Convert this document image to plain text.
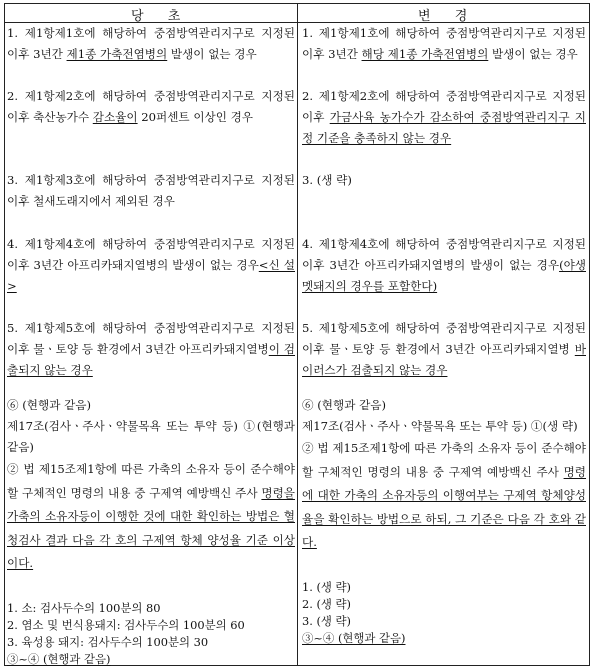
당 초	변 경

1. 제1항제1호에 해당하여 중점방역관리지구로 지정된 이후 3년간 제1종 가축전염병의 발생이 없는 경우

2. 제1항제2호에 해당하여 중점방역관리지구로 지정된 이후 축산농가수 감소율이 20퍼센트 이상인 경우

3. 제1항제3호에 해당하여 중점방역관리지구로 지정된 이후 철새도래지에서 제외된 경우

4. 제1항제4호에 해당하여 중점방역관리지구로 지정된 이후 3년간 아프리카돼지열병의 발생이 없는 경우<신 설>

5. 제1항제5호에 해당하여 중점방역관리지구로 지정된 이후 물ㆍ토양 등 환경에서 3년간 아프리카돼지열병이 검출되지 않는 경우

⑥ (현행과 같음)

제17조(검사ㆍ주사ㆍ약물목욕 또는 투약 등) ①(현행과 같음)

② 법 제15조제1항에 따른 가축의 소유자 등이 준수해야 할 구체적인 명령의 내용 중 구제역 예방백신 주사 명령을 가축의 소유자등이 이행한 것에 대한 확인하는 방법은 혈청검사 결과 다음 각 호의 구제역 항체 양성율 기준 이상이다.

1. 소: 검사두수의 100분의 80

2. 염소 및 번식용돼지: 검사두수의 100분의 60

3. 육성용 돼지: 검사두수의 100분의 30

③~④ (현행과 같음)

1. 제1항제1호에 해당하여 중점방역관리지구로 지정된 이후 3년간 해당 제1종 가축전염병의 발생이 없는 경우

2. 제1항제2호에 해당하여 중점방역관리지구로 지정된 이후 가금사육 농가수가 감소하여 중점방역관리지구 지정 기준을 충족하지 않는 경우

3. (생 략)

4. 제1항제4호에 해당하여 중점방역관리지구로 지정된 이후 3년간 아프리카돼지열병의 발생이 없는 경우(야생멧돼지의 경우를 포함한다)

5. 제1항제5호에 해당하여 중점방역관리지구로 지정된 이후 물ㆍ토양 등 환경에서 3년간 아프리카돼지열병 바이러스가 검출되지 않는 경우

⑥ (현행과 같음)

제17조(검사ㆍ주사ㆍ약물목욕 또는 투약 등) ①(생 략)

② 법 제15조제1항에 따른 가축의 소유자 등이 준수해야 할 구체적인 명령의 내용 중 구제역 예방백신 주사 명령에 대한 가축의 소유자등의 이행여부는 구제역 항체양성율을 확인하는 방법으로 하되, 그 기준은 다음 각 호와 같다.

1. (생 략)

2. (생 략)

3. (생 략)

③~④ (현행과 같음)
